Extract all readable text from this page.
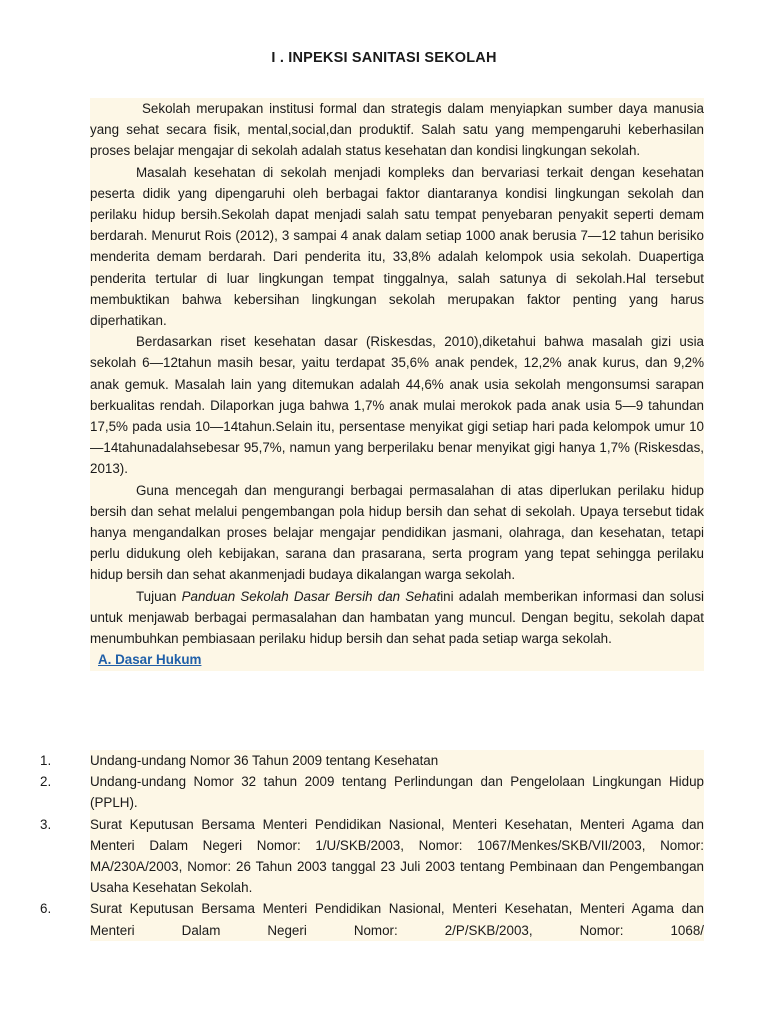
I . INPEKSI SANITASI SEKOLAH

Sekolah merupakan institusi formal dan strategis dalam menyiapkan sumber daya manusia yang sehat secara fisik, mental,social,dan produktif. Salah satu yang mempengaruhi keberhasilan proses belajar mengajar di sekolah adalah status kesehatan dan kondisi lingkungan sekolah.

Masalah kesehatan di sekolah menjadi kompleks dan bervariasi terkait dengan kesehatan peserta didik yang dipengaruhi oleh berbagai faktor diantaranya kondisi lingkungan sekolah dan perilaku hidup bersih.Sekolah dapat menjadi salah satu tempat penyebaran penyakit seperti demam berdarah. Menurut Rois (2012), 3 sampai 4 anak dalam setiap 1000 anak berusia 7—12 tahun berisiko menderita demam berdarah. Dari penderita itu, 33,8% adalah kelompok usia sekolah. Duapertiga penderita tertular di luar lingkungan tempat tinggalnya, salah satunya di sekolah.Hal tersebut membuktikan bahwa kebersihan lingkungan sekolah merupakan faktor penting yang harus diperhatikan.

Berdasarkan riset kesehatan dasar (Riskesdas, 2010),diketahui bahwa masalah gizi usia sekolah 6—12tahun masih besar, yaitu terdapat 35,6% anak pendek, 12,2% anak kurus, dan 9,2% anak gemuk. Masalah lain yang ditemukan adalah 44,6% anak usia sekolah mengonsumsi sarapan berkualitas rendah. Dilaporkan juga bahwa 1,7% anak mulai merokok pada anak usia 5—9 tahundan 17,5% pada usia 10—14tahun.Selain itu, persentase menyikat gigi setiap hari pada kelompok umur 10—14tahunadalahsebesar 95,7%, namun yang berperilaku benar menyikat gigi hanya 1,7% (Riskesdas, 2013).

Guna mencegah dan mengurangi berbagai permasalahan di atas diperlukan perilaku hidup bersih dan sehat melalui pengembangan pola hidup bersih dan sehat di sekolah. Upaya tersebut tidak hanya mengandalkan proses belajar mengajar pendidikan jasmani, olahraga, dan kesehatan, tetapi perlu didukung oleh kebijakan, sarana dan prasarana, serta program yang tepat sehingga perilaku hidup bersih dan sehat akanmenjadi budaya dikalangan warga sekolah.

Tujuan Panduan Sekolah Dasar Bersih dan Sehatini adalah memberikan informasi dan solusi untuk menjawab berbagai permasalahan dan hambatan yang muncul. Dengan begitu, sekolah dapat menumbuhkan pembiasaan perilaku hidup bersih dan sehat pada setiap warga sekolah.

A. Dasar Hukum

1.	Undang-undang Nomor 36 Tahun 2009 tentang Kesehatan
2.	Undang-undang Nomor 32 tahun 2009 tentang Perlindungan dan Pengelolaan Lingkungan Hidup (PPLH).
3.	Surat Keputusan Bersama Menteri Pendidikan Nasional, Menteri Kesehatan, Menteri Agama dan Menteri Dalam Negeri Nomor: 1/U/SKB/2003, Nomor: 1067/Menkes/SKB/VII/2003, Nomor: MA/230A/2003, Nomor: 26 Tahun 2003 tanggal 23 Juli 2003 tentang Pembinaan dan Pengembangan Usaha Kesehatan Sekolah.
6.	Surat Keputusan Bersama Menteri Pendidikan Nasional, Menteri Kesehatan, Menteri Agama dan Menteri Dalam Negeri Nomor: 2/P/SKB/2003, Nomor: 1068/
